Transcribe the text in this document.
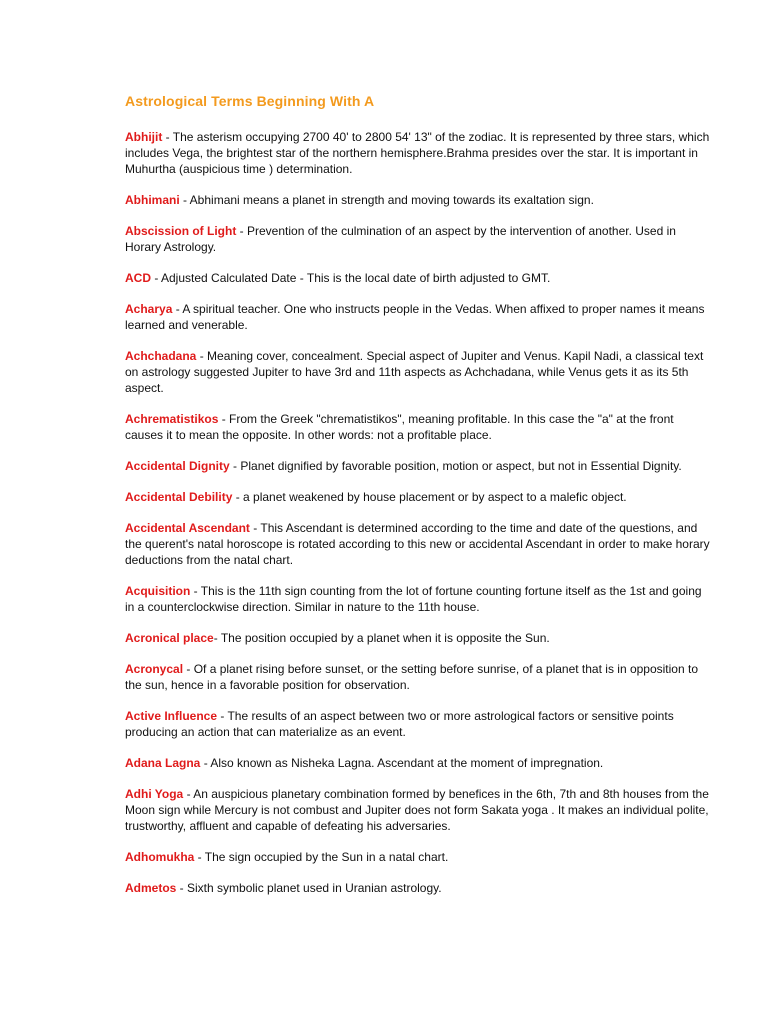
Astrological Terms Beginning With A

Abhijit - The asterism occupying 2700 40' to 2800 54' 13" of the zodiac. It is represented by three stars, which includes Vega, the brightest star of the northern hemisphere.Brahma presides over the star. It is important in Muhurtha (auspicious time ) determination.

Abhimani - Abhimani means a planet in strength and moving towards its exaltation sign.

Abscission of Light - Prevention of the culmination of an aspect by the intervention of another. Used in Horary Astrology.

ACD - Adjusted Calculated Date - This is the local date of birth adjusted to GMT.

Acharya - A spiritual teacher. One who instructs people in the Vedas. When affixed to proper names it means learned and venerable.

Achchadana - Meaning cover, concealment. Special aspect of Jupiter and Venus. Kapil Nadi, a classical text on astrology suggested Jupiter to have 3rd and 11th aspects as Achchadana, while Venus gets it as its 5th aspect.

Achrematistikos - From the Greek "chrematistikos", meaning profitable. In this case the "a" at the front causes it to mean the opposite. In other words: not a profitable place.

Accidental Dignity - Planet dignified by favorable position, motion or aspect, but not in Essential Dignity.

Accidental Debility - a planet weakened by house placement or by aspect to a malefic object.

Accidental Ascendant - This Ascendant is determined according to the time and date of the questions, and the querent's natal horoscope is rotated according to this new or accidental Ascendant in order to make horary deductions from the natal chart.

Acquisition - This is the 11th sign counting from the lot of fortune counting fortune itself as the 1st and going in a counterclockwise direction. Similar in nature to the 11th house.

Acronical place- The position occupied by a planet when it is opposite the Sun.

Acronycal - Of a planet rising before sunset, or the setting before sunrise, of a planet that is in opposition to the sun, hence in a favorable position for observation.

Active Influence - The results of an aspect between two or more astrological factors or sensitive points producing an action that can materialize as an event.

Adana Lagna - Also known as Nisheka Lagna. Ascendant at the moment of impregnation.

Adhi Yoga - An auspicious planetary combination formed by benefices in the 6th, 7th and 8th houses from the Moon sign while Mercury is not combust and Jupiter does not form Sakata yoga . It makes an individual polite, trustworthy, affluent and capable of defeating his adversaries.

Adhomukha - The sign occupied by the Sun in a natal chart.

Admetos - Sixth symbolic planet used in Uranian astrology.
